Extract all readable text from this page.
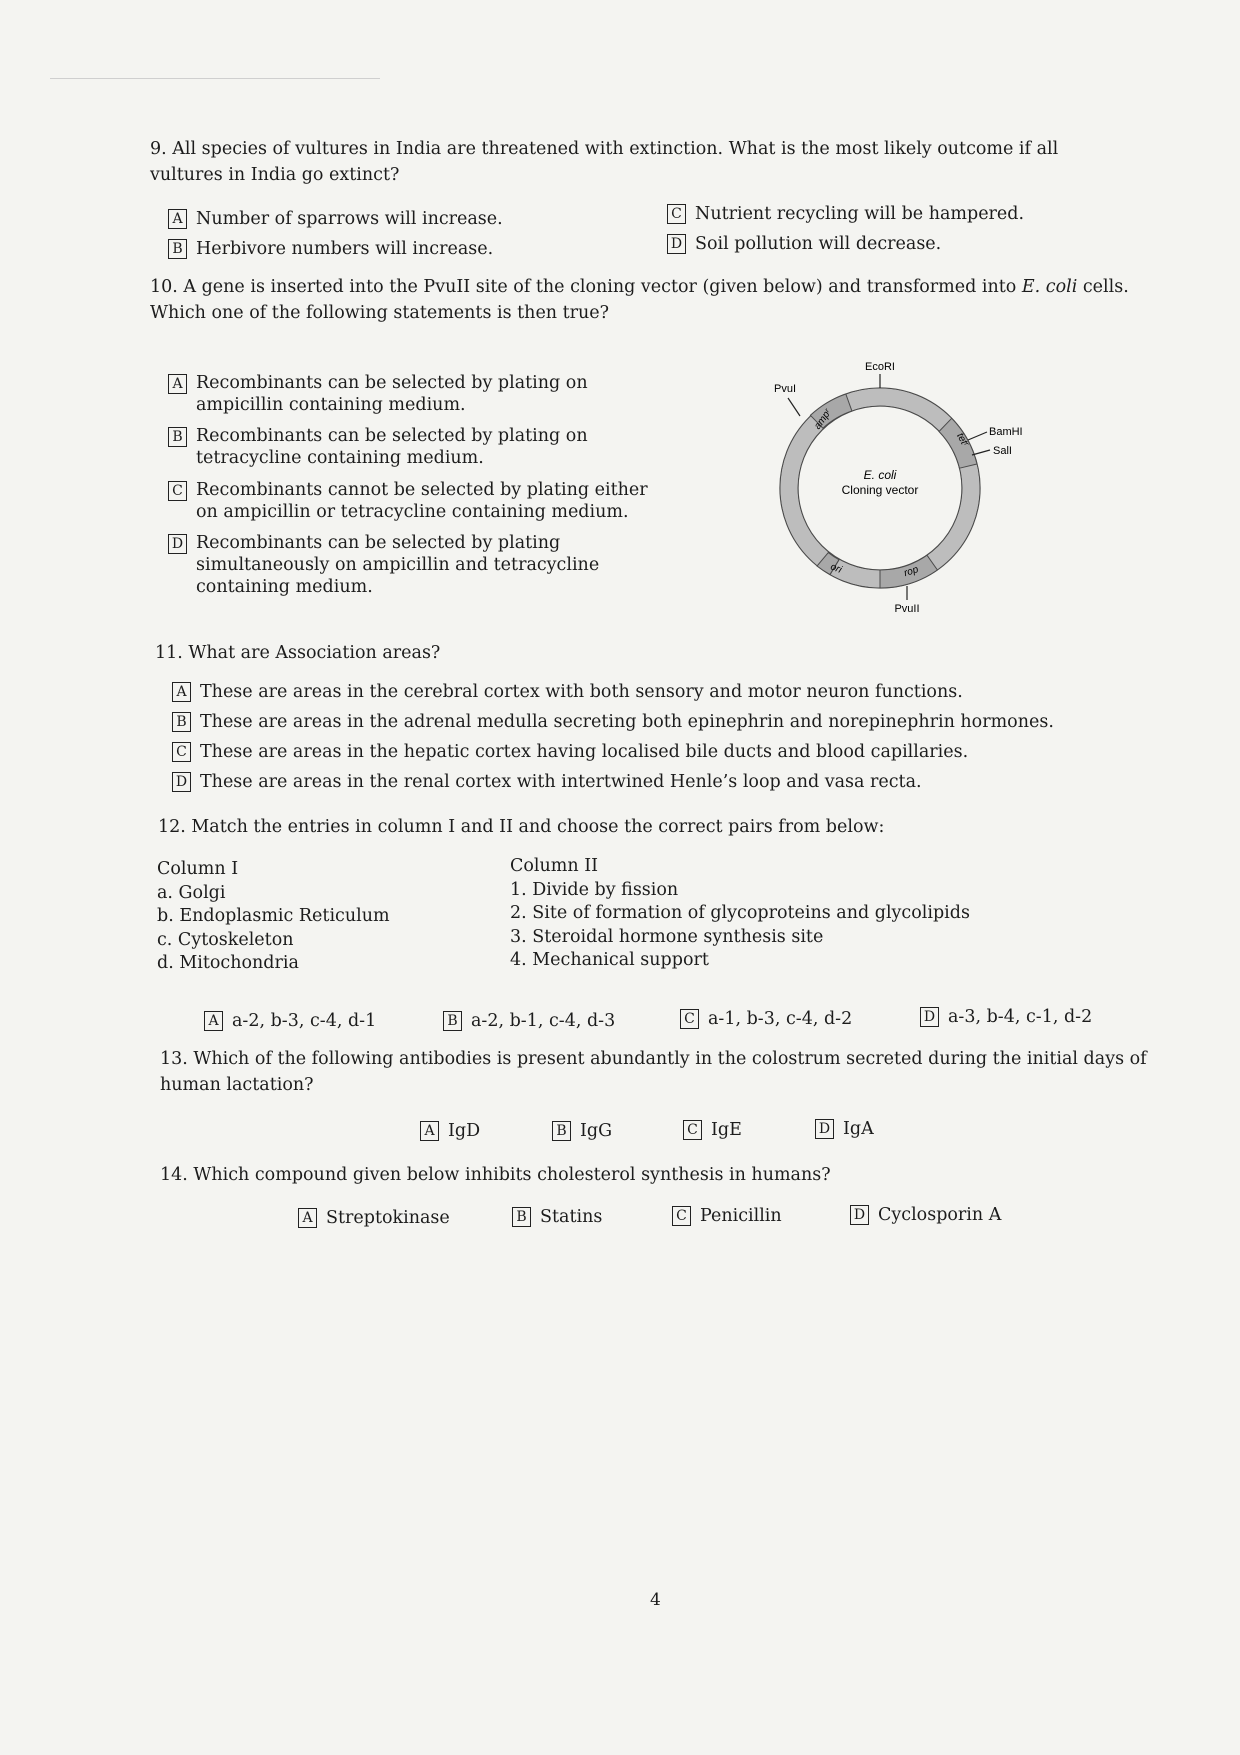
9. All species of vultures in India are threatened with extinction. What is the most likely outcome if all vultures in India go extinct?
A Number of sparrows will increase.
B Herbivore numbers will increase.
C Nutrient recycling will be hampered.
D Soil pollution will decrease.
10. A gene is inserted into the PvuII site of the cloning vector (given below) and transformed into E. coli cells. Which one of the following statements is then true?
A Recombinants can be selected by plating on ampicillin containing medium.
B Recombinants can be selected by plating on tetracycline containing medium.
C Recombinants cannot be selected by plating either on ampicillin or tetracycline containing medium.
D Recombinants can be selected by plating simultaneously on ampicillin and tetracycline containing medium.
EcoRI
PvuI
BamHI
SalI
PvuII
ampʳ
tetʳ
ori	rop
E. coli
Cloning vector
11. What are Association areas?
A These are areas in the cerebral cortex with both sensory and motor neuron functions.
B These are areas in the adrenal medulla secreting both epinephrin and norepinephrin hormones.
C These are areas in the hepatic cortex having localised bile ducts and blood capillaries.
D These are areas in the renal cortex with intertwined Henle’s loop and vasa recta.
12. Match the entries in column I and II and choose the correct pairs from below:
Column I
a. Golgi
b. Endoplasmic Reticulum
c. Cytoskeleton
d. Mitochondria
Column II
1. Divide by fission
2. Site of formation of glycoproteins and glycolipids
3. Steroidal hormone synthesis site
4. Mechanical support
A a-2, b-3, c-4, d-1	B a-2, b-1, c-4, d-3	C a-1, b-3, c-4, d-2	D a-3, b-4, c-1, d-2
13. Which of the following antibodies is present abundantly in the colostrum secreted during the initial days of human lactation?
A IgD	B IgG	C IgE	D IgA
14. Which compound given below inhibits cholesterol synthesis in humans?
A Streptokinase	B Statins	C Penicillin	D Cyclosporin A
4
